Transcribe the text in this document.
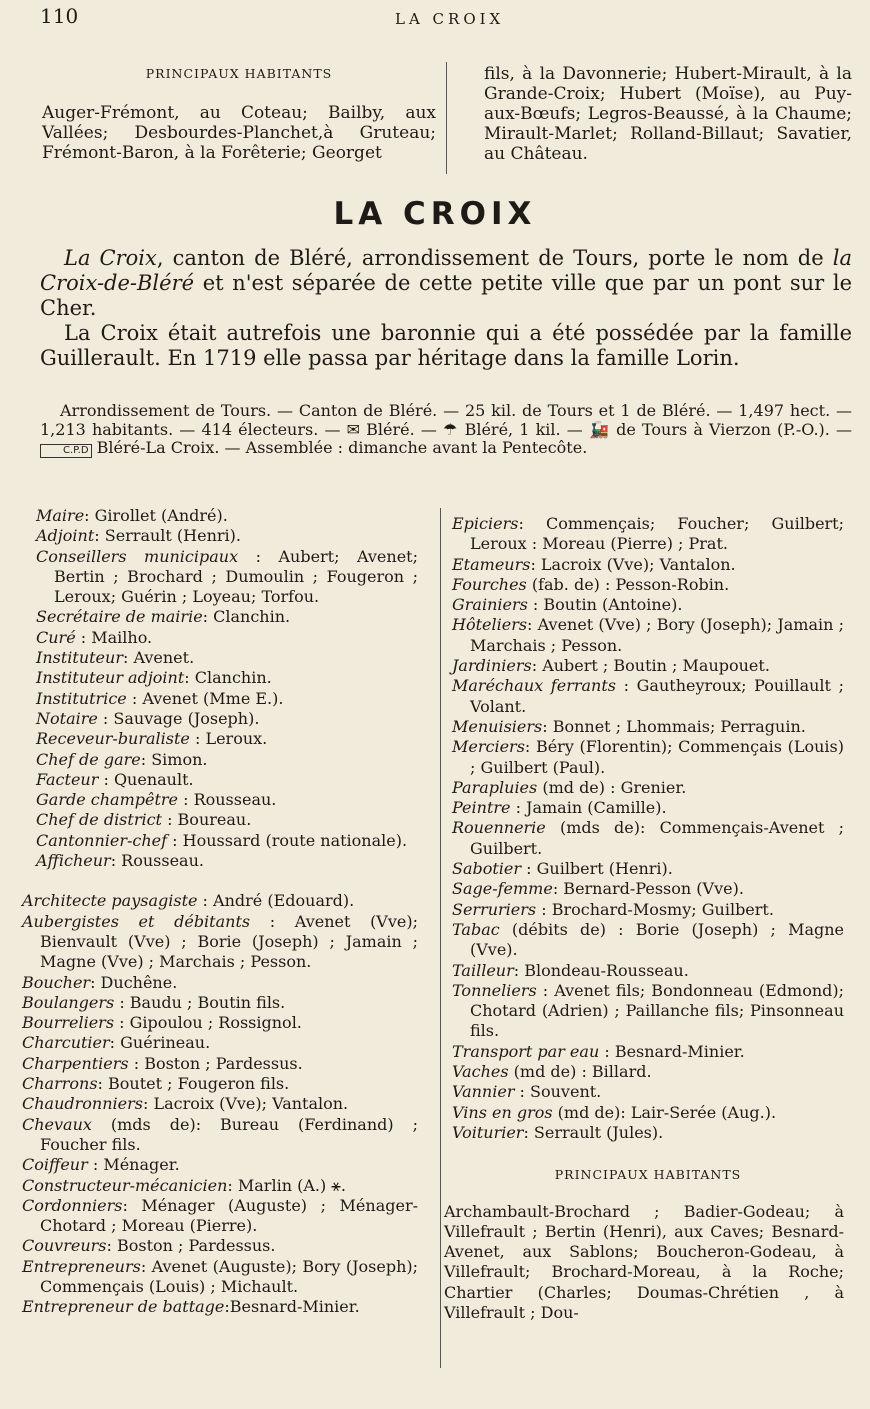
110	LA CROIX

PRINCIPAUX HABITANTS

Auger-Frémont, au Coteau; Bailby, aux Vallées; Desbourdes-Planchet,à Gruteau; Frémont-Baron, à la Forêterie; Georget

fils, à la Davonnerie; Hubert-Mirault, à la Grande-Croix; Hubert (Moïse), au Puy-aux-Bœufs; Legros-Beaussé, à la Chaume; Mirault-Marlet; Rolland-Billaut; Savatier, au Château.

LA CROIX

La Croix, canton de Bléré, arrondissement de Tours, porte le nom de la Croix-de-Bléré et n'est séparée de cette petite ville que par un pont sur le Cher.

La Croix était autrefois une baronnie qui a été possédée par la famille Guillerault. En 1719 elle passa par héritage dans la famille Lorin.

Arrondissement de Tours. — Canton de Bléré. — 25 kil. de Tours et 1 de Bléré. — 1,497 hect. — 1,213 habitants. — 414 électeurs. — ✉ Bléré. — ☂ Bléré, 1 kil. — 🚂 de Tours à Vierzon (P.-O.). — C.P.D Bléré-La Croix. — Assemblée : dimanche avant la Pentecôte.

Maire: Girollet (André).

Adjoint: Serrault (Henri).

Conseillers municipaux : Aubert; Avenet; Bertin ; Brochard ; Dumoulin ; Fougeron ; Leroux; Guérin ; Loyeau; Torfou.

Secrétaire de mairie: Clanchin.

Curé : Mailho.

Instituteur: Avenet.

Instituteur adjoint: Clanchin.

Institutrice : Avenet (Mme E.).

Notaire : Sauvage (Joseph).

Receveur-buraliste : Leroux.

Chef de gare: Simon.

Facteur : Quenault.

Garde champêtre : Rousseau.

Chef de district : Boureau.

Cantonnier-chef : Houssard (route nationale).

Afficheur: Rousseau.

Architecte paysagiste : André (Edouard).

Aubergistes et débitants : Avenet (Vve); Bienvault (Vve) ; Borie (Joseph) ; Jamain ; Magne (Vve) ; Marchais ; Pesson.

Boucher: Duchêne.

Boulangers : Baudu ; Boutin fils.

Bourreliers : Gipoulou ; Rossignol.

Charcutier: Guérineau.

Charpentiers : Boston ; Pardessus.

Charrons: Boutet ; Fougeron fils.

Chaudronniers: Lacroix (Vve); Vantalon.

Chevaux (mds de): Bureau (Ferdinand) ; Foucher fils.

Coiffeur : Ménager.

Constructeur-mécanicien: Marlin (A.) ⚹.

Cordonniers: Ménager (Auguste) ; Ménager-Chotard ; Moreau (Pierre).

Couvreurs: Boston ; Pardessus.

Entrepreneurs: Avenet (Auguste); Bory (Joseph); Commençais (Louis) ; Michault.

Entrepreneur de battage:Besnard-Minier.

Epiciers: Commençais; Foucher; Guilbert; Leroux : Moreau (Pierre) ; Prat.

Etameurs: Lacroix (Vve); Vantalon.

Fourches (fab. de) : Pesson-Robin.

Grainiers : Boutin (Antoine).

Hôteliers: Avenet (Vve) ; Bory (Joseph); Jamain ; Marchais ; Pesson.

Jardiniers: Aubert ; Boutin ; Maupouet.

Maréchaux ferrants : Gautheyroux; Pouillault ; Volant.

Menuisiers: Bonnet ; Lhommais; Perraguin.

Merciers: Béry (Florentin); Commençais (Louis) ; Guilbert (Paul).

Parapluies (md de) : Grenier.

Peintre : Jamain (Camille).

Rouennerie (mds de): Commençais-Avenet ; Guilbert.

Sabotier : Guilbert (Henri).

Sage-femme: Bernard-Pesson (Vve).

Serruriers : Brochard-Mosmy; Guilbert.

Tabac (débits de) : Borie (Joseph) ; Magne (Vve).

Tailleur: Blondeau-Rousseau.

Tonneliers : Avenet fils; Bondonneau (Edmond); Chotard (Adrien) ; Paillanche fils; Pinsonneau fils.

Transport par eau : Besnard-Minier.

Vaches (md de) : Billard.

Vannier : Souvent.

Vins en gros (md de): Lair-Serée (Aug.).

Voiturier: Serrault (Jules).

PRINCIPAUX HABITANTS

Archambault-Brochard ; Badier-Godeau; à Villefrault ; Bertin (Henri), aux Caves; Besnard-Avenet, aux Sablons; Boucheron-Godeau, à Villefrault; Brochard-Moreau, à la Roche; Chartier (Charles; Doumas-Chrétien , à Villefrault ; Dou-
